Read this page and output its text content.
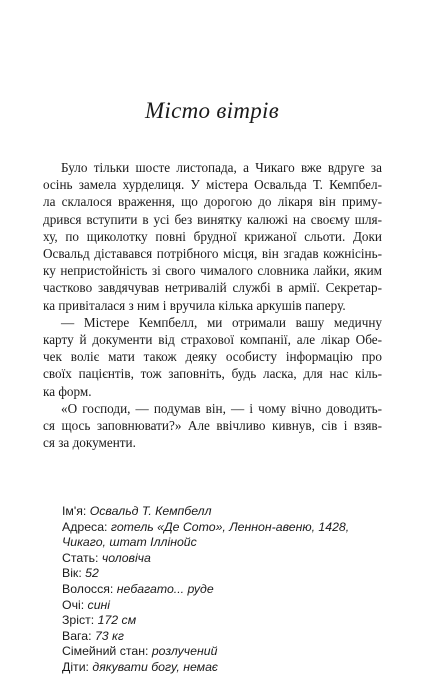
Місто вітрів
Було тільки шосте листопада, а Чикаго вже вдруге за
осінь замела хурделиця. У містера Освальда Т. Кемпбел-
ла склалося враження, що дорогою до лікаря він приму-
дрився вступити в усі без винятку калюжі на своєму шля-
ху, по щиколотку повні брудної крижаної сльоти. Доки
Освальд діставався потрібного місця, він згадав кожнісінь-
ку непристойність зі свого чималого словника лайки, яким
частково завдячував нетривалій службі в армії. Секретар-
ка привіталася з ним і вручила кілька аркушів паперу.
— Містере Кемпбелл, ми отримали вашу медичну
карту й документи від страхової компанії, але лікар Обе-
чек воліє мати також деяку особисту інформацію про
своїх пацієнтів, тож заповніть, будь ласка, для нас кіль-
ка форм.
«О господи, — подумав він, — і чому вічно доводить-
ся щось заповнювати?» Але ввічливо кивнув, сів і взяв-
ся за документи.
Ім'я: Освальд Т. Кемпбелл
Адреса: готель «Де Сото», Леннон-авеню, 1428,
Чикаго, штат Іллінойс
Стать: чоловіча
Вік: 52
Волосся: небагато... руде
Очі: сині
Зріст: 172 см
Вага: 73 кг
Сімейний стан: розлучений
Діти: дякувати богу, немає
